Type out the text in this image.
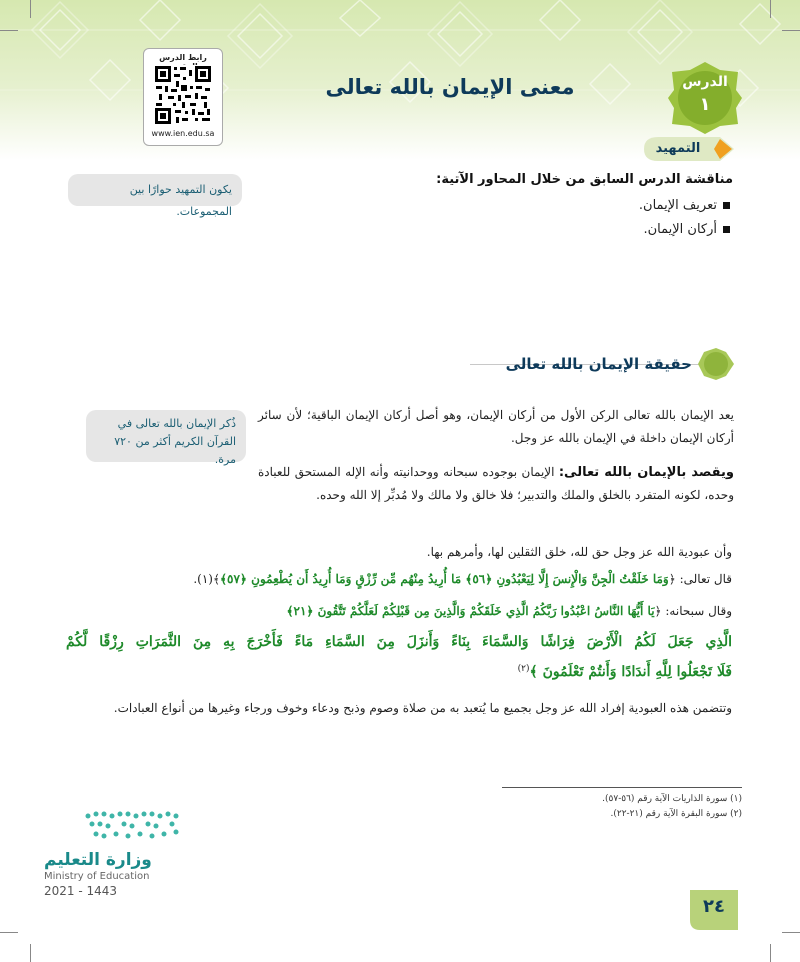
رابط الدرس
www.ien.edu.sa
معنى الإيمان بالله تعالى	الدرس
١
التمهيد
يكون التمهيد حوارًا بين المجموعات.
مناقشة الدرس السابق من خلال المحاور الآتية:
تعريف الإيمان.
أركان الإيمان.
حقيقة الإيمان بالله تعالى
ذُكر الإيمان بالله تعالى في القرآن الكريم أكثر من ٧٢٠ مرة.
يعد الإيمان بالله تعالى الركن الأول من أركان الإيمان، وهو أصل أركان الإيمان الباقية؛ لأن سائر أركان الإيمان داخلة في الإيمان بالله عز وجل.
ويقصد بالإيمان بالله تعالى: الإيمان بوجوده سبحانه ووحدانيته وأنه الإله المستحق للعبادة وحده، لكونه المتفرد بالخلق والملك والتدبير؛ فلا خالق ولا مالك ولا مُدبِّر إلا الله وحده.
وأن عبودية الله عز وجل حق لله، خلق الثقلين لها، وأمرهم بها.
قال تعالى: ﴿وَمَا خَلَقْتُ الْجِنَّ وَالْإِنسَ إِلَّا لِيَعْبُدُونِ ﴿٥٦﴾ مَا أُرِيدُ مِنْهُم مِّن رِّزْقٍ وَمَا أُرِيدُ أَن يُطْعِمُونِ ﴿٥٧﴾﴾(١).
وقال سبحانه: ﴿يَا أَيُّهَا النَّاسُ اعْبُدُوا رَبَّكُمُ الَّذِي خَلَقَكُمْ وَالَّذِينَ مِن قَبْلِكُمْ لَعَلَّكُمْ تَتَّقُونَ ﴿٢١﴾
الَّذِي جَعَلَ لَكُمُ الْأَرْضَ فِرَاشًا وَالسَّمَاءَ بِنَاءً وَأَنزَلَ مِنَ السَّمَاءِ مَاءً فَأَخْرَجَ بِهِ مِنَ الثَّمَرَاتِ رِزْقًا لَّكُمْ
فَلَا تَجْعَلُوا لِلَّهِ أَندَادًا وَأَنتُمْ تَعْلَمُونَ ﴾$^{(٢)}$
وتتضمن هذه العبودية إفراد الله عز وجل بجميع ما يُتعبد به من صلاة وصوم وذبح ودعاء وخوف ورجاء وغيرها من أنواع العبادات.
(١) سورة الذاريات الآية رقم (٥٦-٥٧).
(٢) سورة البقرة الآية رقم (٢١-٢٢).
وزارة التعليم
Ministry of Education
2021 - 1443
٢٤
